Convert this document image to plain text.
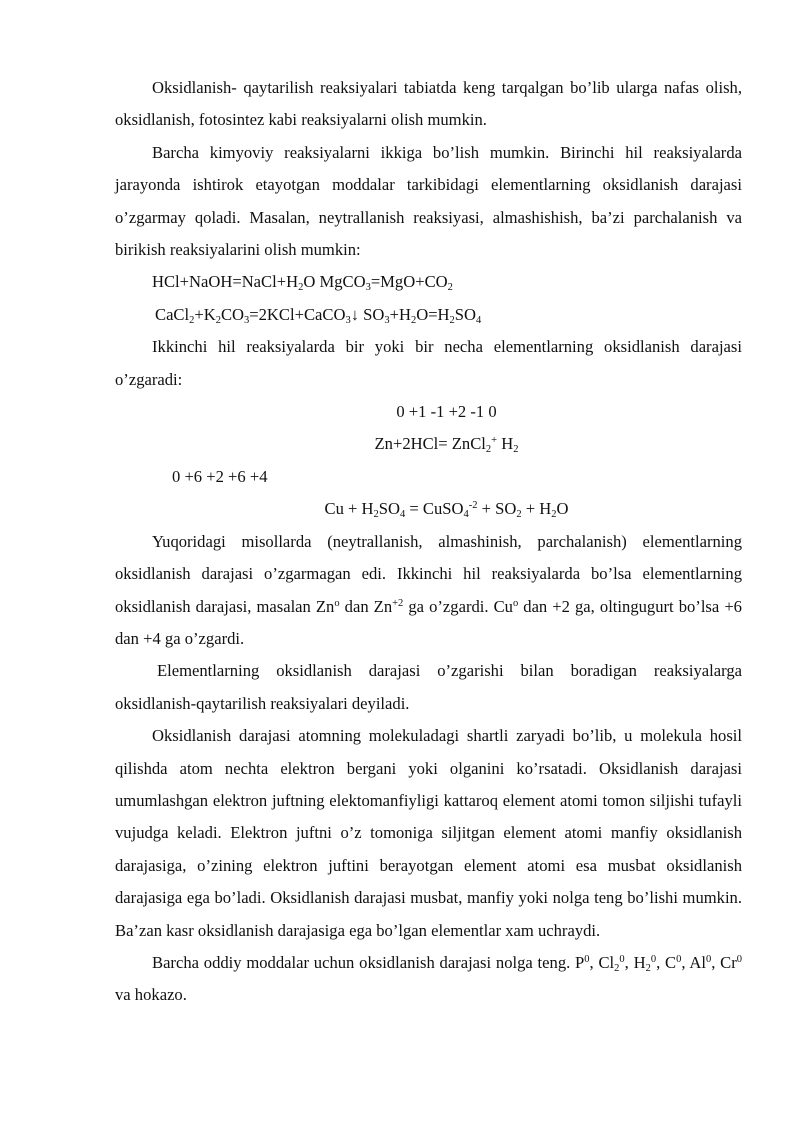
Oksidlanish- qaytarilish reaksiyalari tabiatda keng tarqalgan bo’lib ularga nafas olish, oksidlanish, fotosintez kabi reaksiyalarni olish mumkin.

Barcha kimyoviy reaksiyalarni ikkiga bo’lish mumkin. Birinchi hil reaksiyalarda jarayonda ishtirok etayotgan moddalar tarkibidagi elementlarning oksidlanish darajasi o’zgarmay qoladi. Masalan, neytrallanish reaksiyasi, almashishish, ba’zi parchalanish va birikish reaksiyalarini olish mumkin:

$HCl+NaOH=NaCl+H_2O$ $MgCO_3=MgO+CO_2$

$CaCl_2+K_2CO_3=2KCl+CaCO_3↓$ $SO_3+H_2O=H_2SO_4$

Ikkinchi hil reaksiyalarda bir yoki bir necha elementlarning oksidlanish darajasi o’zgaradi:

0 +1 -1 +2 -1 0

Zn+2HCl= ZnCl$_2$+ $H_2$

0 +6 +2 +6 +4

$Cu + H_2SO_4$ = CuSO$_4^{-2}$ + $SO_2 + H_2O$

Yuqoridagi misollarda (neytrallanish, almashinish, parchalanish) elementlarning oksidlanish darajasi o’zgarmagan edi. Ikkinchi hil reaksiyalarda bo’lsa elementlarning oksidlanish darajasi, masalan Zn$^o$ dan $Zn^{+2}$ ga o’zgardi. Cu$^o$ dan +2 ga, oltingugurt bo’lsa +6 dan +4 ga o’zgardi.

Elementlarning oksidlanish darajasi o’zgarishi bilan boradigan reaksiyalarga oksidlanish-qaytarilish reaksiyalari deyiladi.

Oksidlanish darajasi atomning molekuladagi shartli zaryadi bo’lib, u molekula hosil qilishda atom nechta elektron bergani yoki olganini ko’rsatadi. Oksidlanish darajasi umumlashgan elektron juftning elektomanfiyligi kattaroq element atomi tomon siljishi tufayli vujudga keladi. Elektron juftni o’z tomoniga siljitgan element atomi manfiy oksidlanish darajasiga, o’zining elektron juftini berayotgan element atomi esa musbat oksidlanish darajasiga ega bo’ladi. Oksidlanish darajasi musbat, manfiy yoki nolga teng bo’lishi mumkin. Ba’zan kasr oksidlanish darajasiga ega bo’lgan elementlar xam uchraydi.

Barcha oddiy moddalar uchun oksidlanish darajasi nolga teng. $P^0$, $Cl_2^0$, $H_2^0$, $C^0$, Al$^0$, Cr$^0$ va hokazo.
